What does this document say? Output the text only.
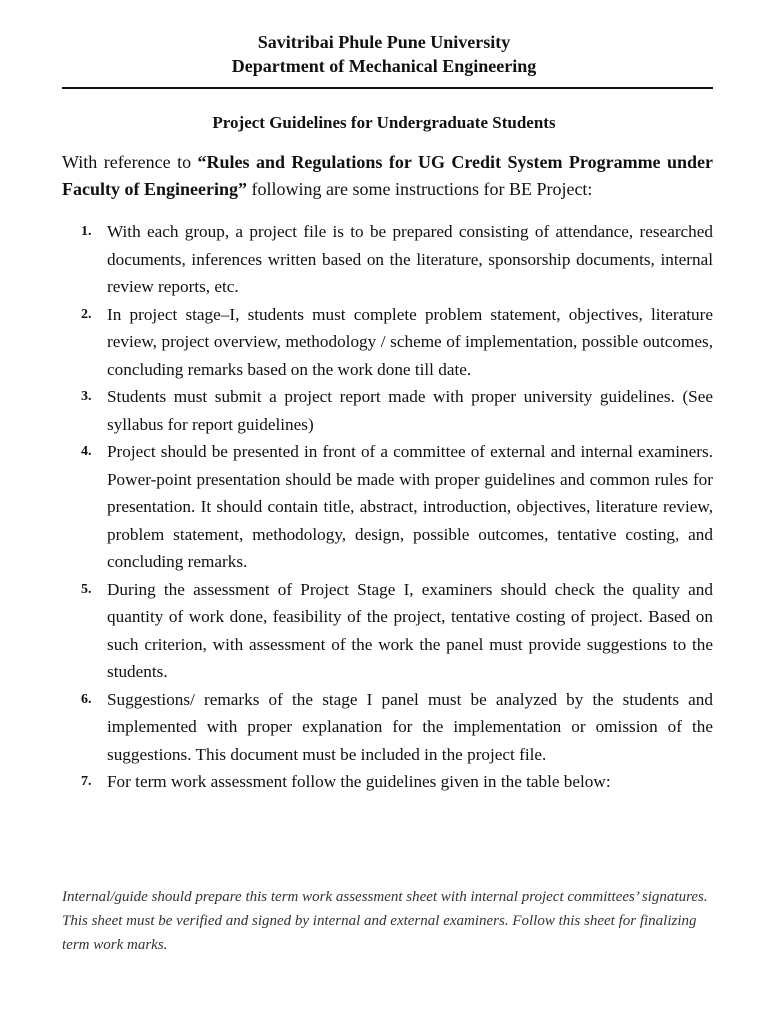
Savitribai Phule Pune University
Department of Mechanical Engineering
Project Guidelines for Undergraduate Students

With reference to “Rules and Regulations for UG Credit System Programme under Faculty of Engineering” following are some instructions for BE Project:

1. With each group, a project file is to be prepared consisting of attendance, researched documents, inferences written based on the literature, sponsorship documents, internal review reports, etc.
2. In project stage–I, students must complete problem statement, objectives, literature review, project overview, methodology / scheme of implementation, possible outcomes, concluding remarks based on the work done till date.
3. Students must submit a project report made with proper university guidelines. (See syllabus for report guidelines)
4. Project should be presented in front of a committee of external and internal examiners. Power-point presentation should be made with proper guidelines and common rules for presentation. It should contain title, abstract, introduction, objectives, literature review, problem statement, methodology, design, possible outcomes, tentative costing, and concluding remarks.
5. During the assessment of Project Stage I, examiners should check the quality and quantity of work done, feasibility of the project, tentative costing of project. Based on such criterion, with assessment of the work the panel must provide suggestions to the students.
6. Suggestions/ remarks of the stage I panel must be analyzed by the students and implemented with proper explanation for the implementation or omission of the suggestions. This document must be included in the project file.
7. For term work assessment follow the guidelines given in the table below:

Internal/guide should prepare this term work assessment sheet with internal project committees’ signatures. This sheet must be verified and signed by internal and external examiners. Follow this sheet for finalizing term work marks.
